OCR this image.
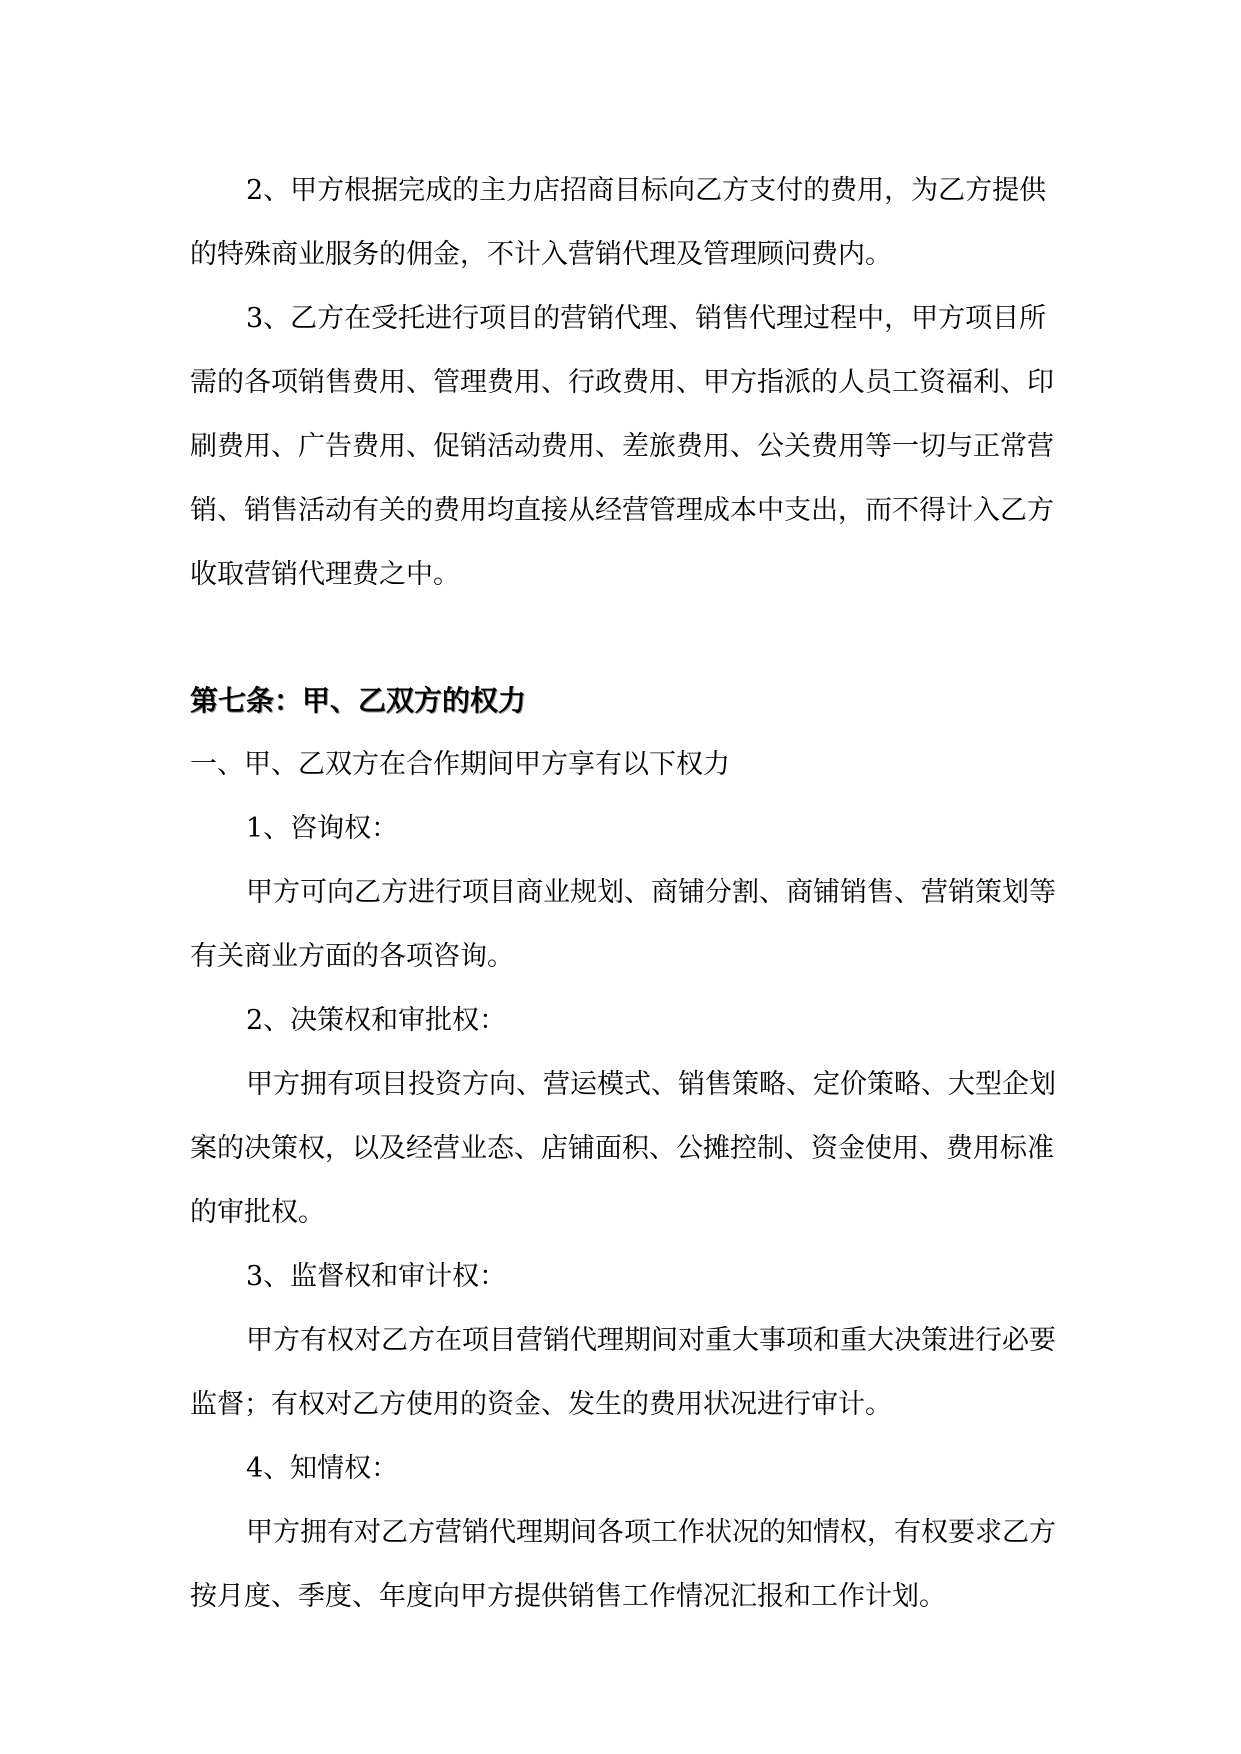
2、甲方根据完成的主力店招商目标向乙方支付的费用，为乙方提供的特殊商业服务的佣金，不计入营销代理及管理顾问费内。

3、乙方在受托进行项目的营销代理、销售代理过程中，甲方项目所需的各项销售费用、管理费用、行政费用、甲方指派的人员工资福利、印刷费用、广告费用、促销活动费用、差旅费用、公关费用等一切与正常营销、销售活动有关的费用均直接从经营管理成本中支出，而不得计入乙方收取营销代理费之中。

第七条：甲、乙双方的权力

一、甲、乙双方在合作期间甲方享有以下权力

1、咨询权：

甲方可向乙方进行项目商业规划、商铺分割、商铺销售、营销策划等有关商业方面的各项咨询。

2、决策权和审批权：

甲方拥有项目投资方向、营运模式、销售策略、定价策略、大型企划案的决策权，以及经营业态、店铺面积、公摊控制、资金使用、费用标准的审批权。

3、监督权和审计权：

甲方有权对乙方在项目营销代理期间对重大事项和重大决策进行必要监督；有权对乙方使用的资金、发生的费用状况进行审计。

4、知情权：

甲方拥有对乙方营销代理期间各项工作状况的知情权，有权要求乙方按月度、季度、年度向甲方提供销售工作情况汇报和工作计划。
